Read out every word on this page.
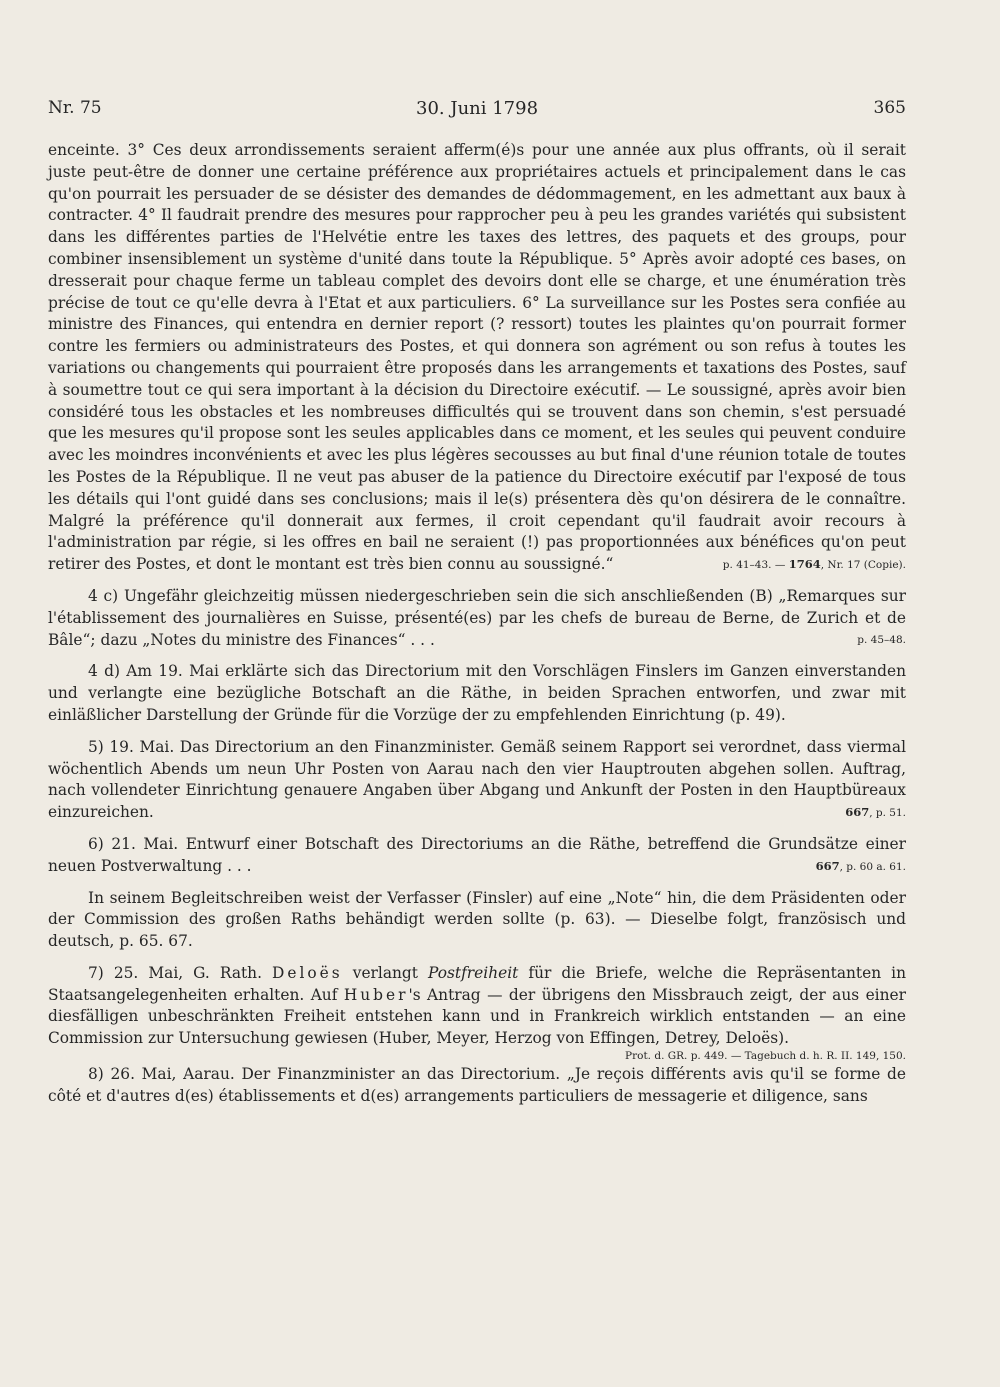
Nr. 75	30. Juni 1798	365

enceinte. 3° Ces deux arrondissements seraient afferm(é)s pour une année aux plus offrants, où il serait juste peut-être de donner une certaine préférence aux propriétaires actuels et principalement dans le cas qu'on pourrait les persuader de se désister des demandes de dédommagement, en les admettant aux baux à contracter. 4° Il faudrait prendre des mesures pour rapprocher peu à peu les grandes variétés qui subsistent dans les différentes parties de l'Helvétie entre les taxes des lettres, des paquets et des groups, pour combiner insensiblement un système d'unité dans toute la République. 5° Après avoir adopté ces bases, on dresserait pour chaque ferme un tableau complet des devoirs dont elle se charge, et une énumération très précise de tout ce qu'elle devra à l'Etat et aux particuliers. 6° La surveillance sur les Postes sera confiée au ministre des Finances, qui entendra en dernier report (? ressort) toutes les plaintes qu'on pourrait former contre les fermiers ou administrateurs des Postes, et qui donnera son agrément ou son refus à toutes les variations ou changements qui pourraient être proposés dans les arrangements et taxations des Postes, sauf à soumettre tout ce qui sera important à la décision du Directoire exécutif. — Le soussigné, après avoir bien considéré tous les obstacles et les nombreuses difficultés qui se trouvent dans son chemin, s'est persuadé que les mesures qu'il propose sont les seules applicables dans ce moment, et les seules qui peuvent conduire avec les moindres inconvénients et avec les plus légères secousses au but final d'une réunion totale de toutes les Postes de la République. Il ne veut pas abuser de la patience du Directoire exécutif par l'exposé de tous les détails qui l'ont guidé dans ses conclusions; mais il le(s) présentera dès qu'on désirera de le connaître. Malgré la préférence qu'il donnerait aux fermes, il croit cependant qu'il faudrait avoir recours à l'administration par régie, si les offres en bail ne seraient (!) pas proportionnées aux bénéfices qu'on peut retirer des Postes, et dont le montant est très bien connu au soussigné.“	p. 41–43. — 1764, Nr. 17 (Copie).

4 c) Ungefähr gleichzeitig müssen niedergeschrieben sein die sich anschließenden (B) „Remarques sur l'établissement des journalières en Suisse, présenté(es) par les chefs de bureau de Berne, de Zurich et de Bâle“; dazu „Notes du ministre des Finances“ . . .	p. 45–48.

4 d) Am 19. Mai erklärte sich das Directorium mit den Vorschlägen Finslers im Ganzen einverstanden und verlangte eine bezügliche Botschaft an die Räthe, in beiden Sprachen entworfen, und zwar mit einläßlicher Darstellung der Gründe für die Vorzüge der zu empfehlenden Einrichtung (p. 49).

5) 19. Mai. Das Directorium an den Finanzminister. Gemäß seinem Rapport sei verordnet, dass viermal wöchentlich Abends um neun Uhr Posten von Aarau nach den vier Hauptrouten abgehen sollen. Auftrag, nach vollendeter Einrichtung genauere Angaben über Abgang und Ankunft der Posten in den Hauptbüreaux einzureichen.	667, p. 51.

6) 21. Mai. Entwurf einer Botschaft des Directoriums an die Räthe, betreffend die Grundsätze einer neuen Postverwaltung . . .	667, p. 60 a. 61.

In seinem Begleitschreiben weist der Verfasser (Finsler) auf eine „Note“ hin, die dem Präsidenten oder der Commission des großen Raths behändigt werden sollte (p. 63). — Dieselbe folgt, französisch und deutsch, p. 65. 67.

7) 25. Mai, G. Rath. Deloës verlangt Postfreiheit für die Briefe, welche die Repräsentanten in Staatsangelegenheiten erhalten. Auf Huber's Antrag — der übrigens den Missbrauch zeigt, der aus einer diesfälligen unbeschränkten Freiheit entstehen kann und in Frankreich wirklich entstanden — an eine Commission zur Untersuchung gewiesen (Huber, Meyer, Herzog von Effingen, Detrey, Deloës).
Prot. d. GR. p. 449. — Tagebuch d. h. R. II. 149, 150.

8) 26. Mai, Aarau. Der Finanzminister an das Directorium. „Je reçois différents avis qu'il se forme de côté et d'autres d(es) établissements et d(es) arrangements particuliers de messagerie et diligence, sans
